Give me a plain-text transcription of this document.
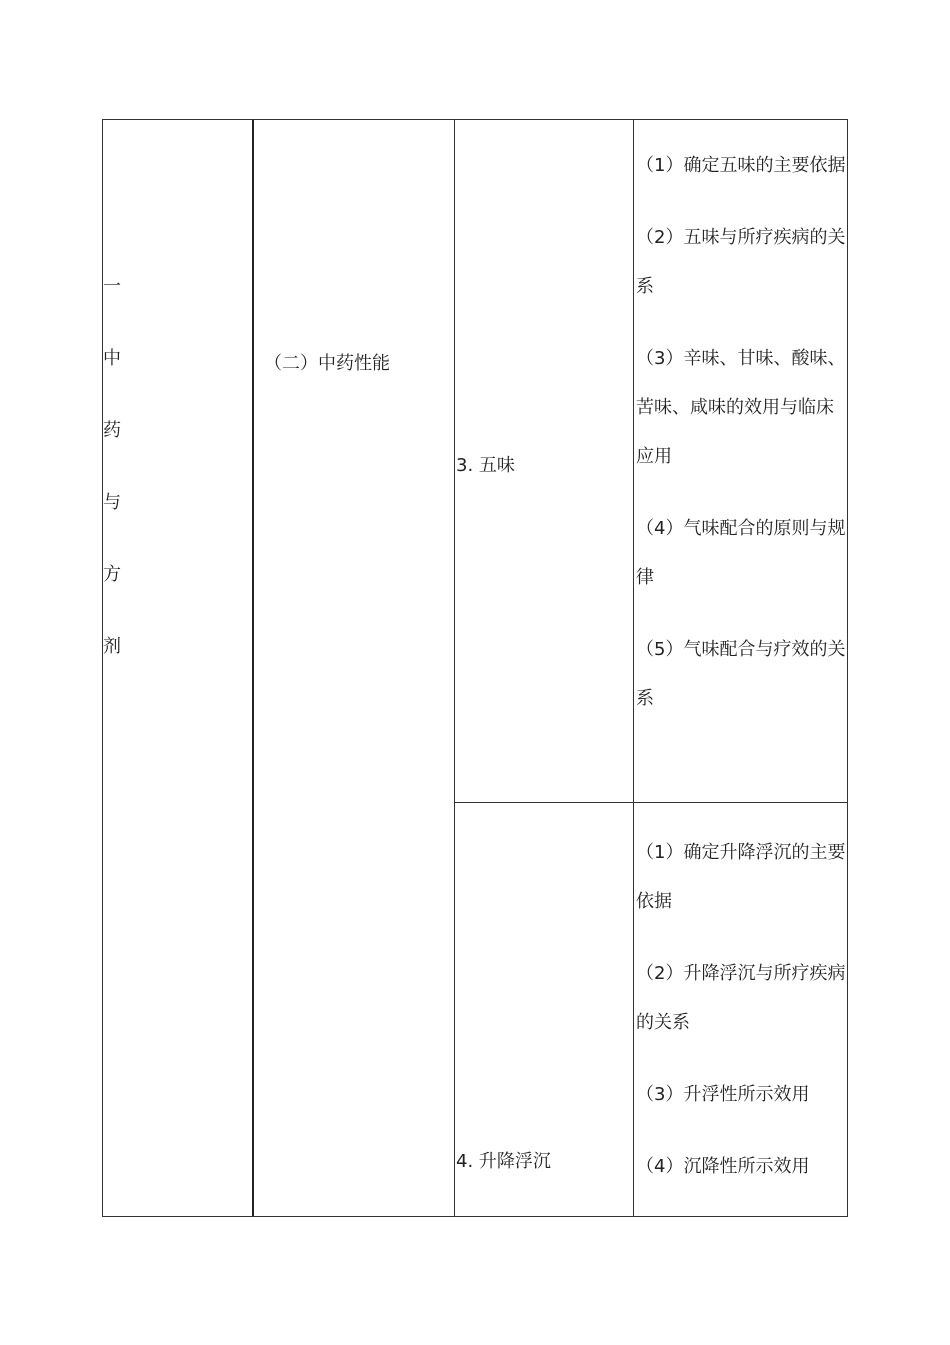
一
中
药
与
方
剂
（二）中药性能
3. 五味
4. 升降浮沉
（1）确定五味的主要依据
（2）五味与所疗疾病的关系
（3）辛味、甘味、酸味、苦味、咸味的效用与临床应用
（4）气味配合的原则与规律
（5）气味配合与疗效的关系
（1）确定升降浮沉的主要依据
（2）升降浮沉与所疗疾病的关系
（3）升浮性所示效用
（4）沉降性所示效用
